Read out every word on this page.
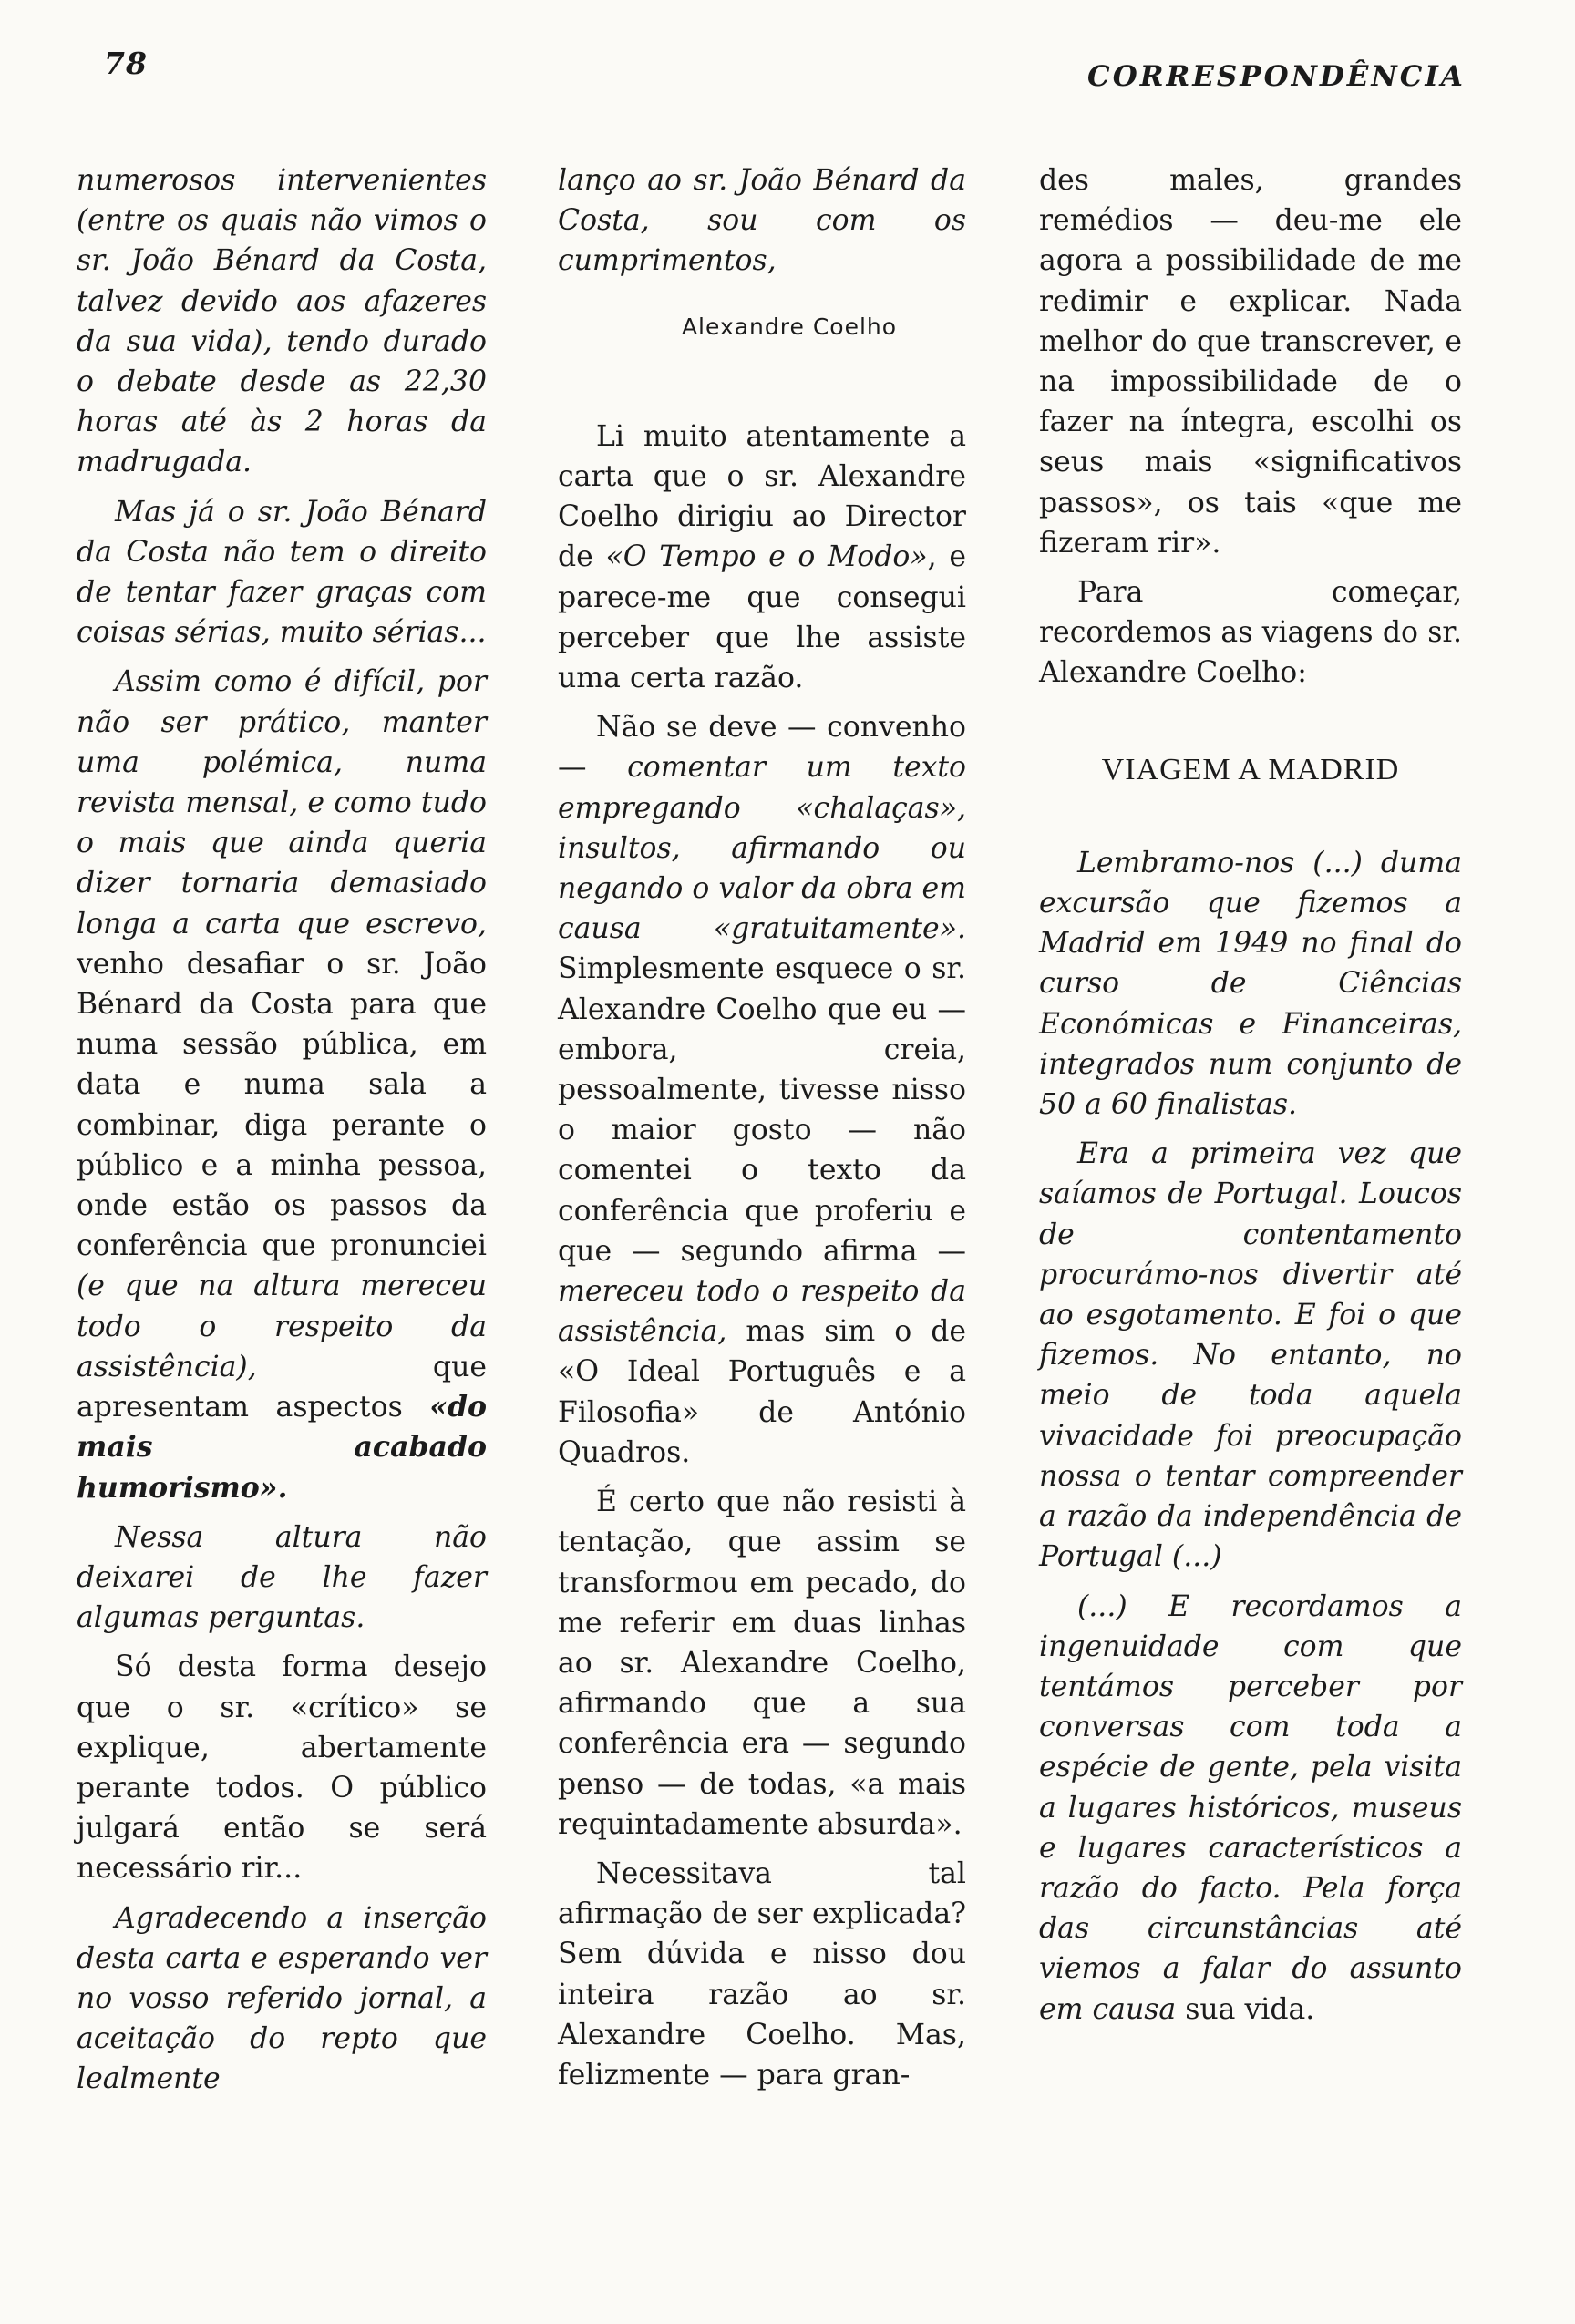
78	CORRESPONDÊNCIA

numerosos intervenientes (entre os quais não vimos o sr. João Bénard da Costa, talvez devido aos afazeres da sua vida), tendo durado o debate desde as 22,30 horas até às 2 horas da madrugada.

Mas já o sr. João Bénard da Costa não tem o direito de tentar fazer graças com coisas sérias, muito sérias...

Assim como é difícil, por não ser prático, manter uma polémica, numa revista mensal, e como tudo o mais que ainda queria dizer tornaria demasiado longa a carta que escrevo, venho desafiar o sr. João Bénard da Costa para que numa sessão pública, em data e numa sala a combinar, diga perante o público e a minha pessoa, onde estão os passos da conferência que pronunciei (e que na altura mereceu todo o respeito da assistência), que apresentam aspectos «do mais acabado humorismo».

Nessa altura não deixarei de lhe fazer algumas perguntas.

Só desta forma desejo que o sr. «crítico» se explique, abertamente perante todos. O público julgará então se será necessário rir...

Agradecendo a inserção desta carta e esperando ver no vosso referido jornal, a aceitação do repto que lealmente

lanço ao sr. João Bénard da Costa, sou com os cumprimentos,

Alexandre Coelho

Li muito atentamente a carta que o sr. Alexandre Coelho dirigiu ao Director de «O Tempo e o Modo», e parece-me que consegui perceber que lhe assiste uma certa razão.

Não se deve — convenho — comentar um texto empregando «chalaças», insultos, afirmando ou negando o valor da obra em causa «gratuitamente». Simplesmente esquece o sr. Alexandre Coelho que eu — embora, creia, pessoalmente, tivesse nisso o maior gosto — não comentei o texto da conferência que proferiu e que — segundo afirma — mereceu todo o respeito da assistência, mas sim o de «O Ideal Português e a Filosofia» de António Quadros.

É certo que não resisti à tentação, que assim se transformou em pecado, do me referir em duas linhas ao sr. Alexandre Coelho, afirmando que a sua conferência era — segundo penso — de todas, «a mais requintadamente absurda».

Necessitava tal afirmação de ser explicada? Sem dúvida e nisso dou inteira razão ao sr. Alexandre Coelho. Mas, felizmente — para gran-

des males, grandes remédios — deu-me ele agora a possibilidade de me redimir e explicar. Nada melhor do que transcrever, e na impossibilidade de o fazer na íntegra, escolhi os seus mais «significativos passos», os tais «que me fizeram rir».

Para começar, recordemos as viagens do sr. Alexandre Coelho:

VIAGEM A MADRID

Lembramo-nos (...) duma excursão que fizemos a Madrid em 1949 no final do curso de Ciências Económicas e Financeiras, integrados num conjunto de 50 a 60 finalistas.

Era a primeira vez que saíamos de Portugal. Loucos de contentamento procurámo-nos divertir até ao esgotamento. E foi o que fizemos. No entanto, no meio de toda aquela vivacidade foi preocupação nossa o tentar compreender a razão da independência de Portugal (...)

(...) E recordamos a ingenuidade com que tentámos perceber por conversas com toda a espécie de gente, pela visita a lugares históricos, museus e lugares característicos a razão do facto. Pela força das circunstâncias até viemos a falar do assunto em causa sua vida.
